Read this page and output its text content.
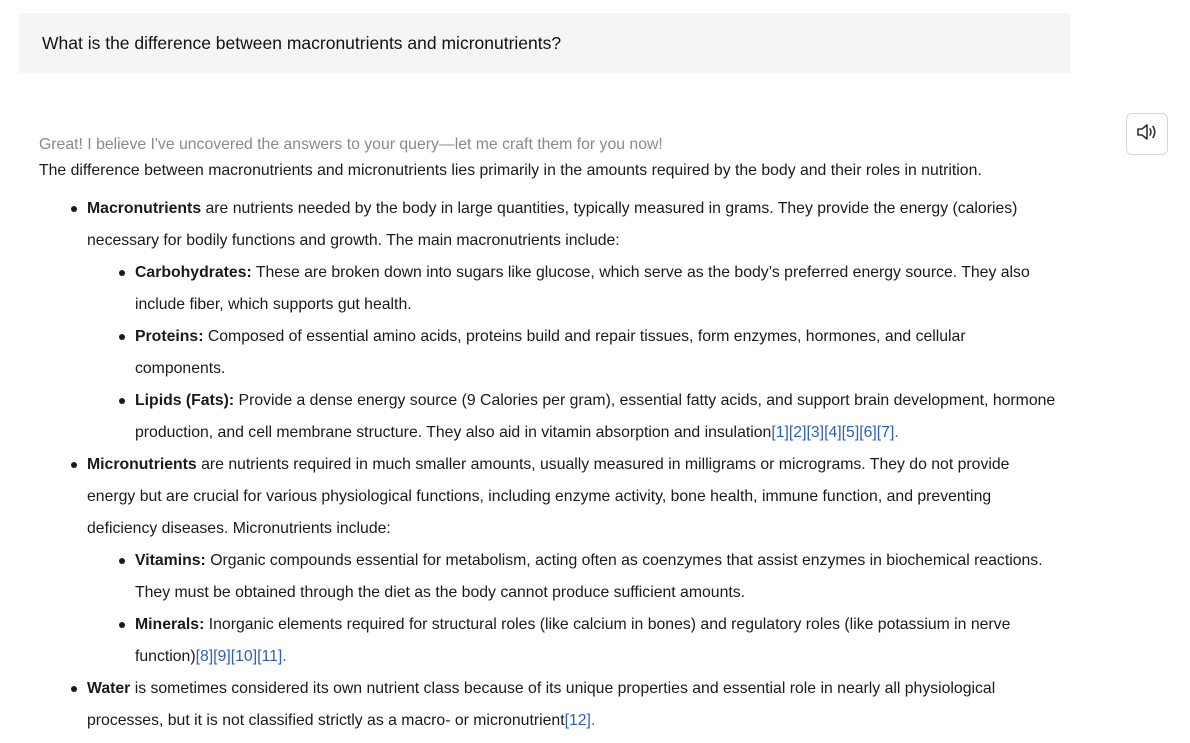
What is the difference between macronutrients and micronutrients?
Great! I believe I've uncovered the answers to your query—let me craft them for you now!

The difference between macronutrients and micronutrients lies primarily in the amounts required by the body and their roles in nutrition.

Macronutrients are nutrients needed by the body in large quantities, typically measured in grams. They provide the energy (calories) necessary for bodily functions and growth. The main macronutrients include:
Carbohydrates: These are broken down into sugars like glucose, which serve as the body’s preferred energy source. They also include fiber, which supports gut health.
Proteins: Composed of essential amino acids, proteins build and repair tissues, form enzymes, hormones, and cellular components.
Lipids (Fats): Provide a dense energy source (9 Calories per gram), essential fatty acids, and support brain development, hormone production, and cell membrane structure. They also aid in vitamin absorption and insulation[1][2][3][4][5][6][7].
Micronutrients are nutrients required in much smaller amounts, usually measured in milligrams or micrograms. They do not provide energy but are crucial for various physiological functions, including enzyme activity, bone health, immune function, and preventing deficiency diseases. Micronutrients include:
Vitamins: Organic compounds essential for metabolism, acting often as coenzymes that assist enzymes in biochemical reactions. They must be obtained through the diet as the body cannot produce sufficient amounts.
Minerals: Inorganic elements required for structural roles (like calcium in bones) and regulatory roles (like potassium in nerve function)[8][9][10][11].
Water is sometimes considered its own nutrient class because of its unique properties and essential role in nearly all physiological processes, but it is not classified strictly as a macro- or micronutrient[12].
